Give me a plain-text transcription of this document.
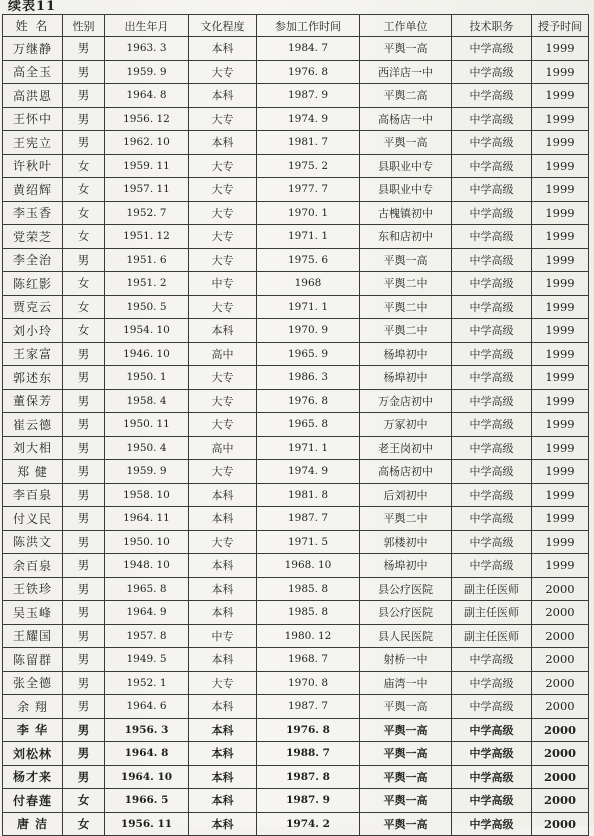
续表11
姓 名	性别	出生年月	文化程度	参加工作时间	工作单位	技术职务	授予时间
万继静	男	1963. 3	本科	1984. 7	平舆一高	中学高级	1999
高全玉	男	1959. 9	大专	1976. 8	西洋店一中	中学高级	1999
高洪恩	男	1964. 8	本科	1987. 9	平舆二高	中学高级	1999
王怀中	男	1956. 12	大专	1974. 9	高杨店一中	中学高级	1999
王宪立	男	1962. 10	本科	1981. 7	平舆一高	中学高级	1999
许秋叶	女	1959. 11	大专	1975. 2	县职业中专	中学高级	1999
黄绍辉	女	1957. 11	大专	1977. 7	县职业中专	中学高级	1999
李玉香	女	1952. 7	大专	1970. 1	古槐镇初中	中学高级	1999
党荣芝	女	1951. 12	大专	1971. 1	东和店初中	中学高级	1999
李全治	男	1951. 6	大专	1975. 6	平舆一高	中学高级	1999
陈红影	女	1951. 2	中专	1968	平舆二中	中学高级	1999
贾克云	女	1950. 5	大专	1971. 1	平舆二中	中学高级	1999
刘小玲	女	1954. 10	本科	1970. 9	平舆二中	中学高级	1999
王家富	男	1946. 10	高中	1965. 9	杨埠初中	中学高级	1999
郭述东	男	1950. 1	大专	1986. 3	杨埠初中	中学高级	1999
董保芳	男	1958. 4	大专	1976. 8	万金店初中	中学高级	1999
崔云德	男	1950. 11	大专	1965. 8	万冢初中	中学高级	1999
刘大相	男	1950. 4	高中	1971. 1	老王岗初中	中学高级	1999
郑 健	男	1959. 9	大专	1974. 9	高杨店初中	中学高级	1999
李百泉	男	1958. 10	本科	1981. 8	后刘初中	中学高级	1999
付义民	男	1964. 11	本科	1987. 7	平舆二中	中学高级	1999
陈洪文	男	1950. 10	大专	1971. 5	郭楼初中	中学高级	1999
余百泉	男	1948. 10	本科	1968. 10	杨埠初中	中学高级	1999
王铁珍	男	1965. 8	本科	1985. 8	县公疗医院	副主任医师	2000
吴玉峰	男	1964. 9	本科	1985. 8	县公疗医院	副主任医师	2000
王耀国	男	1957. 8	中专	1980. 12	县人民医院	副主任医师	2000
陈留群	男	1949. 5	本科	1968. 7	射桥一中	中学高级	2000
张全德	男	1952. 1	大专	1970. 8	庙湾一中	中学高级	2000
余 翔	男	1964. 6	本科	1987. 7	平舆一高	中学高级	2000
李 华	男	1956. 3	本科	1976. 8	平舆一高	中学高级	2000
刘松林	男	1964. 8	本科	1988. 7	平舆一高	中学高级	2000
杨才来	男	1964. 10	本科	1987. 8	平舆一高	中学高级	2000
付春莲	女	1966. 5	本科	1987. 9	平舆一高	中学高级	2000
唐 洁	女	1956. 11	本科	1974. 2	平舆一高	中学高级	2000
